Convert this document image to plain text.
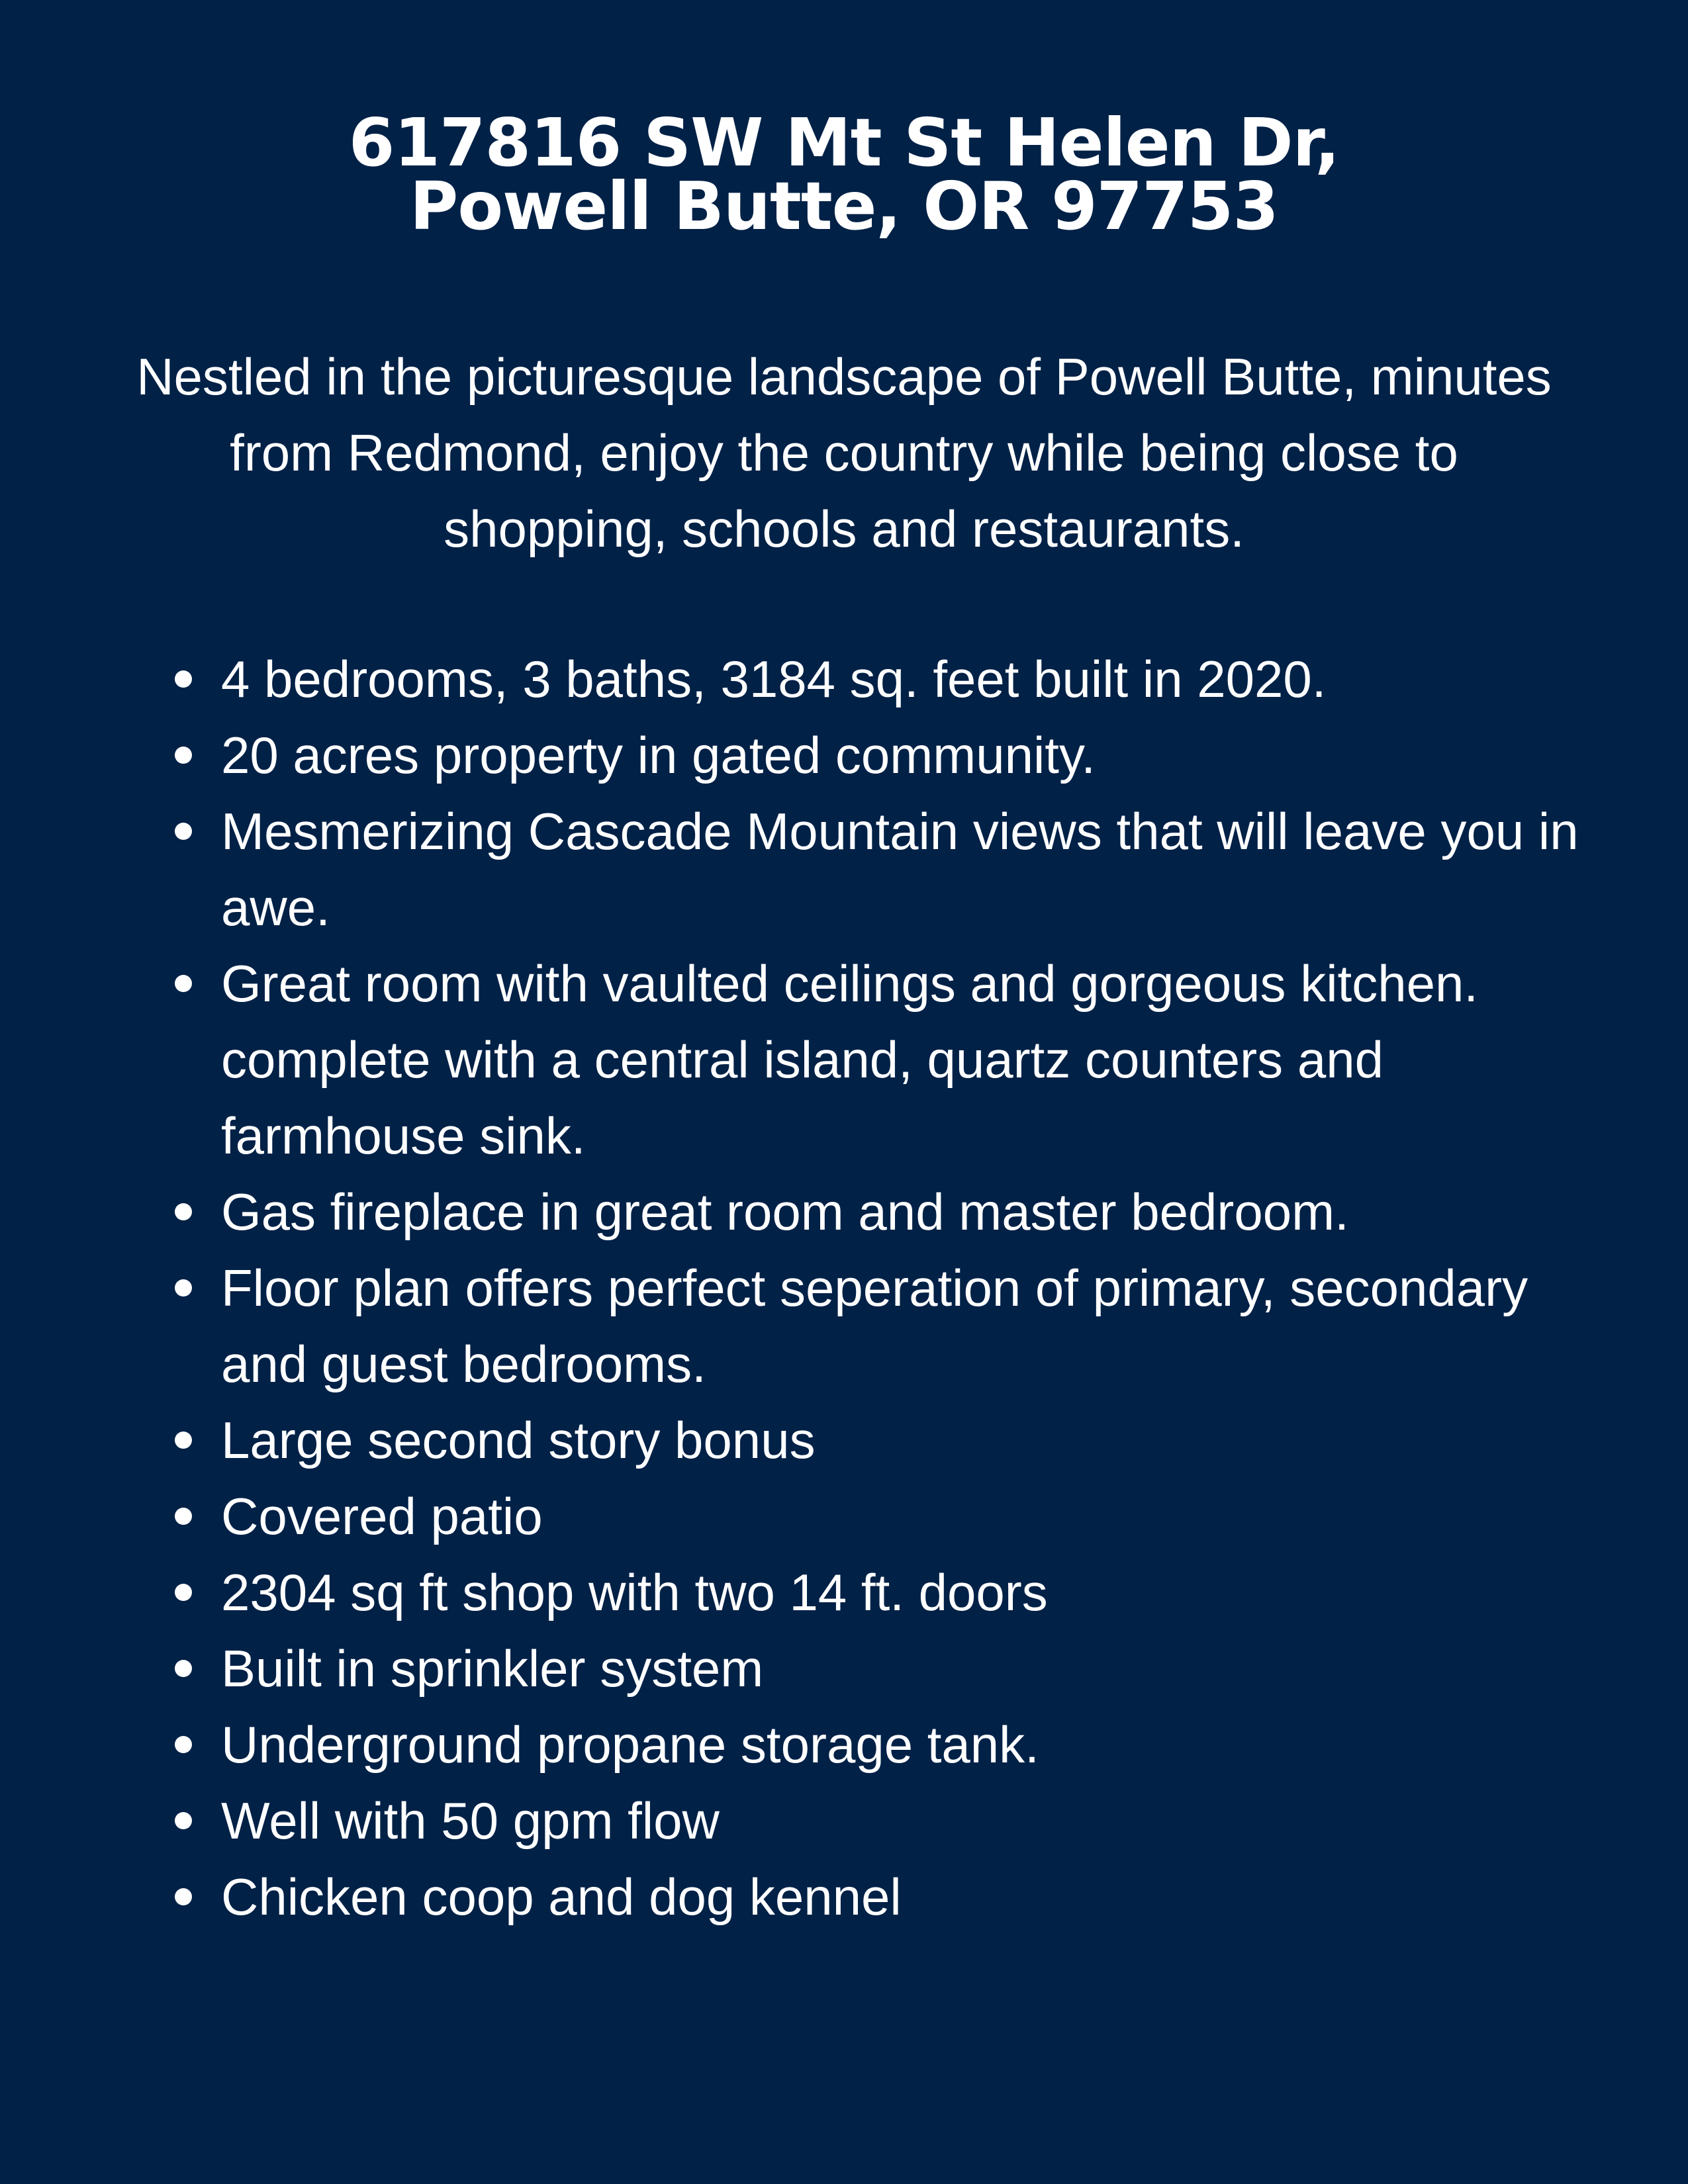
617816 SW Mt St Helen Dr,
Powell Butte, OR 97753

Nestled in the picturesque landscape of Powell Butte, minutes from Redmond, enjoy the country while being close to shopping, schools and restaurants.

4 bedrooms, 3 baths, 3184 sq. feet built in 2020.
20 acres property in gated community.
Mesmerizing Cascade Mountain views that will leave you in awe.
Great room with vaulted ceilings and gorgeous kitchen. complete with a central island, quartz counters and farmhouse sink.
Gas fireplace in great room and master bedroom.
Floor plan offers perfect seperation of primary, secondary and guest bedrooms.
Large second story bonus
Covered patio
2304 sq ft shop with two 14 ft. doors
Built in sprinkler system
Underground propane storage tank.
Well with 50 gpm flow
Chicken coop and dog kennel
